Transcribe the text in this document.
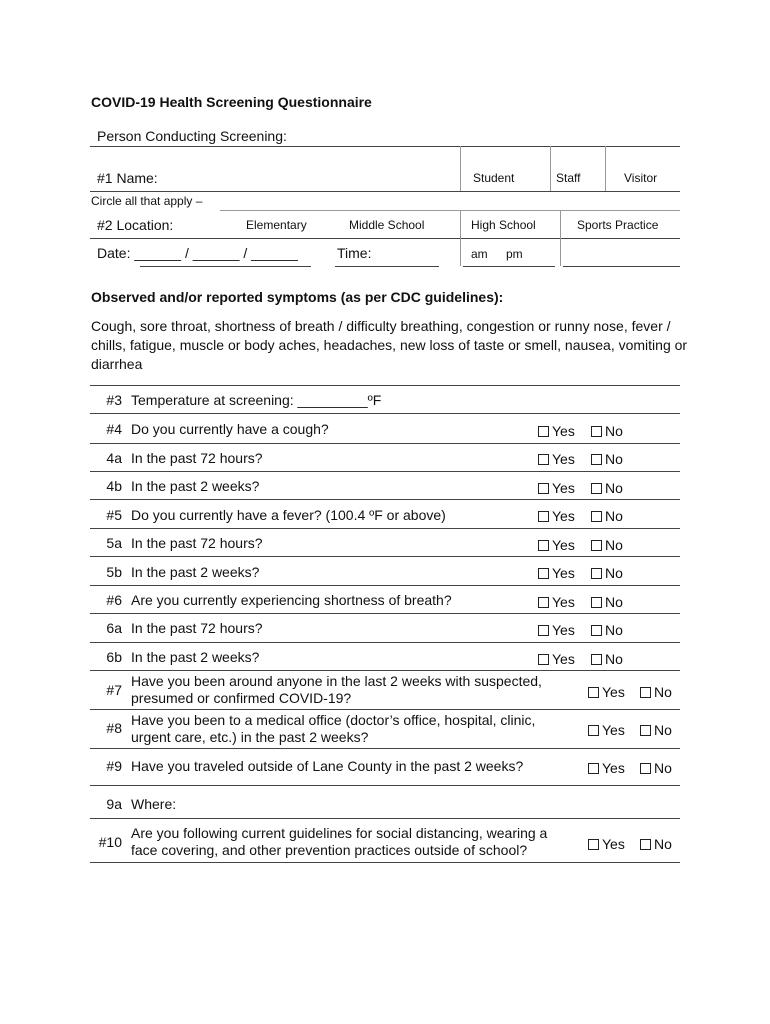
COVID-19 Health Screening Questionnaire
Person Conducting Screening:
#1 Name:	Student	Staff	Visitor
Circle all that apply –
#2 Location:	Elementary	Middle School	High School	Sports Practice
Date: ______ / ______ / ______	Time:	am pm
Observed and/or reported symptoms (as per CDC guidelines):
Cough, sore throat, shortness of breath / difficulty breathing, congestion or runny nose, fever / chills, fatigue, muscle or body aches, headaches, new loss of taste or smell, nausea, vomiting or diarrhea
#3 Temperature at screening: _________ºF
#4 Do you currently have a cough?	Yes	No
4a In the past 72 hours?	Yes	No
4b In the past 2 weeks?	Yes	No
#5 Do you currently have a fever? (100.4 ºF or above)	Yes	No
5a In the past 72 hours?	Yes	No
5b In the past 2 weeks?	Yes	No
#6 Are you currently experiencing shortness of breath?	Yes	No
6a In the past 72 hours?	Yes	No
6b In the past 2 weeks?	Yes	No
#7
Have you been around anyone in the last 2 weeks with suspected,
presumed or confirmed COVID-19?	Yes	No
#8 Have you been to a medical office (doctor’s office, hospital, clinic,
urgent care, etc.) in the past 2 weeks?	Yes	No
#9 Have you traveled outside of Lane County in the past 2 weeks?	Yes	No
9a Where:
#10
Are you following current guidelines for social distancing, wearing a
face covering, and other prevention practices outside of school?	Yes	No
